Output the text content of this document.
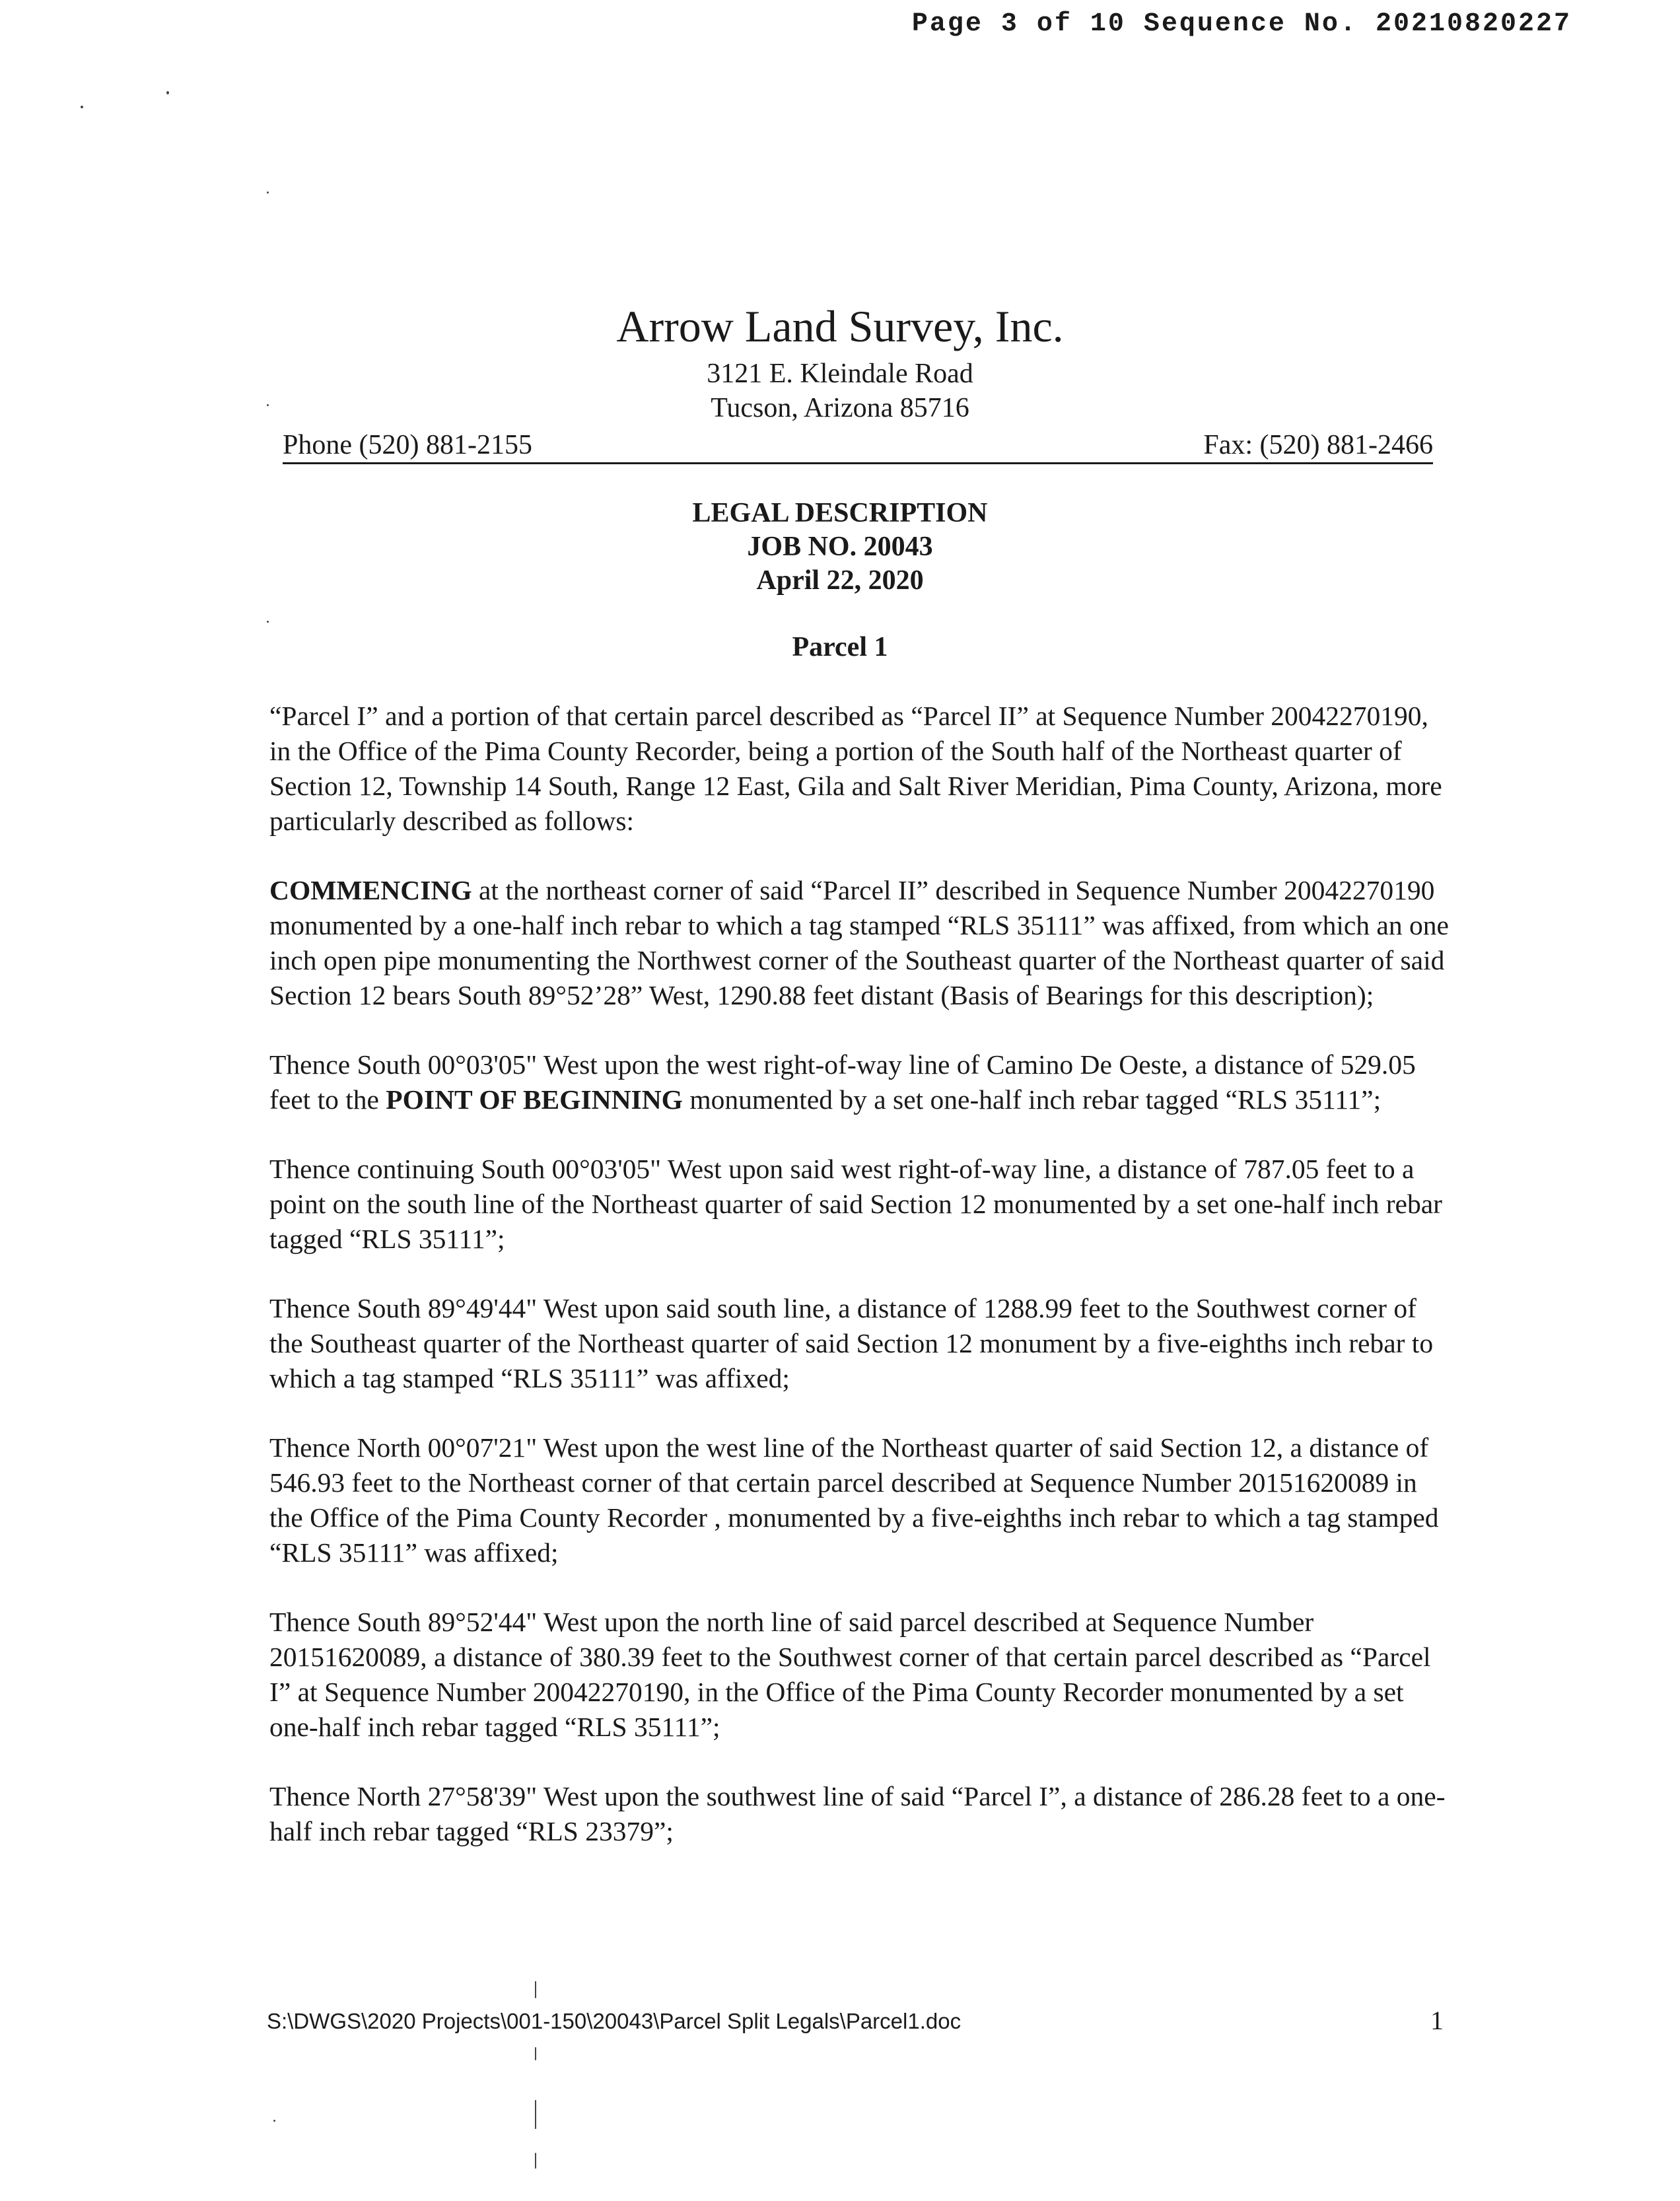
Page 3 of 10 Sequence No. 20210820227
Arrow Land Survey, Inc.
3121 E. Kleindale Road
Tucson, Arizona 85716
Phone (520) 881-2155	Fax: (520) 881-2466
LEGAL DESCRIPTION
JOB NO. 20043
April 22, 2020
Parcel 1

“Parcel I” and a portion of that certain parcel described as “Parcel II” at Sequence Number 20042270190, in the Office of the Pima County Recorder, being a portion of the South half of the Northeast quarter of Section 12, Township 14 South, Range 12 East, Gila and Salt River Meridian, Pima County, Arizona, more particularly described as follows:

COMMENCING at the northeast corner of said “Parcel II” described in Sequence Number 20042270190 monumented by a one-half inch rebar to which a tag stamped “RLS 35111” was affixed, from which an one inch open pipe monumenting the Northwest corner of the Southeast quarter of the Northeast quarter of said Section 12 bears South 89°52’28” West, 1290.88 feet distant (Basis of Bearings for this description);

Thence South 00°03'05" West upon the west right-of-way line of Camino De Oeste, a distance of 529.05 feet to the POINT OF BEGINNING monumented by a set one-half inch rebar tagged “RLS 35111”;

Thence continuing South 00°03'05" West upon said west right-of-way line, a distance of 787.05 feet to a point on the south line of the Northeast quarter of said Section 12 monumented by a set one-half inch rebar tagged “RLS 35111”;

Thence South 89°49'44" West upon said south line, a distance of 1288.99 feet to the Southwest corner of the Southeast quarter of the Northeast quarter of said Section 12 monument by a five-eighths inch rebar to which a tag stamped “RLS 35111” was affixed;

Thence North 00°07'21" West upon the west line of the Northeast quarter of said Section 12, a distance of 546.93 feet to the Northeast corner of that certain parcel described at Sequence Number 20151620089 in the Office of the Pima County Recorder , monumented by a five-eighths inch rebar to which a tag stamped “RLS 35111” was affixed;

Thence South 89°52'44" West upon the north line of said parcel described at Sequence Number 20151620089, a distance of 380.39 feet to the Southwest corner of that certain parcel described as “Parcel I” at Sequence Number 20042270190, in the Office of the Pima County Recorder monumented by a set one-half inch rebar tagged “RLS 35111”;

Thence North 27°58'39" West upon the southwest line of said “Parcel I”, a distance of 286.28 feet to a one-half inch rebar tagged “RLS 23379”;

S:\DWGS\2020 Projects\001-150\20043\Parcel Split Legals\Parcel1.doc	1
